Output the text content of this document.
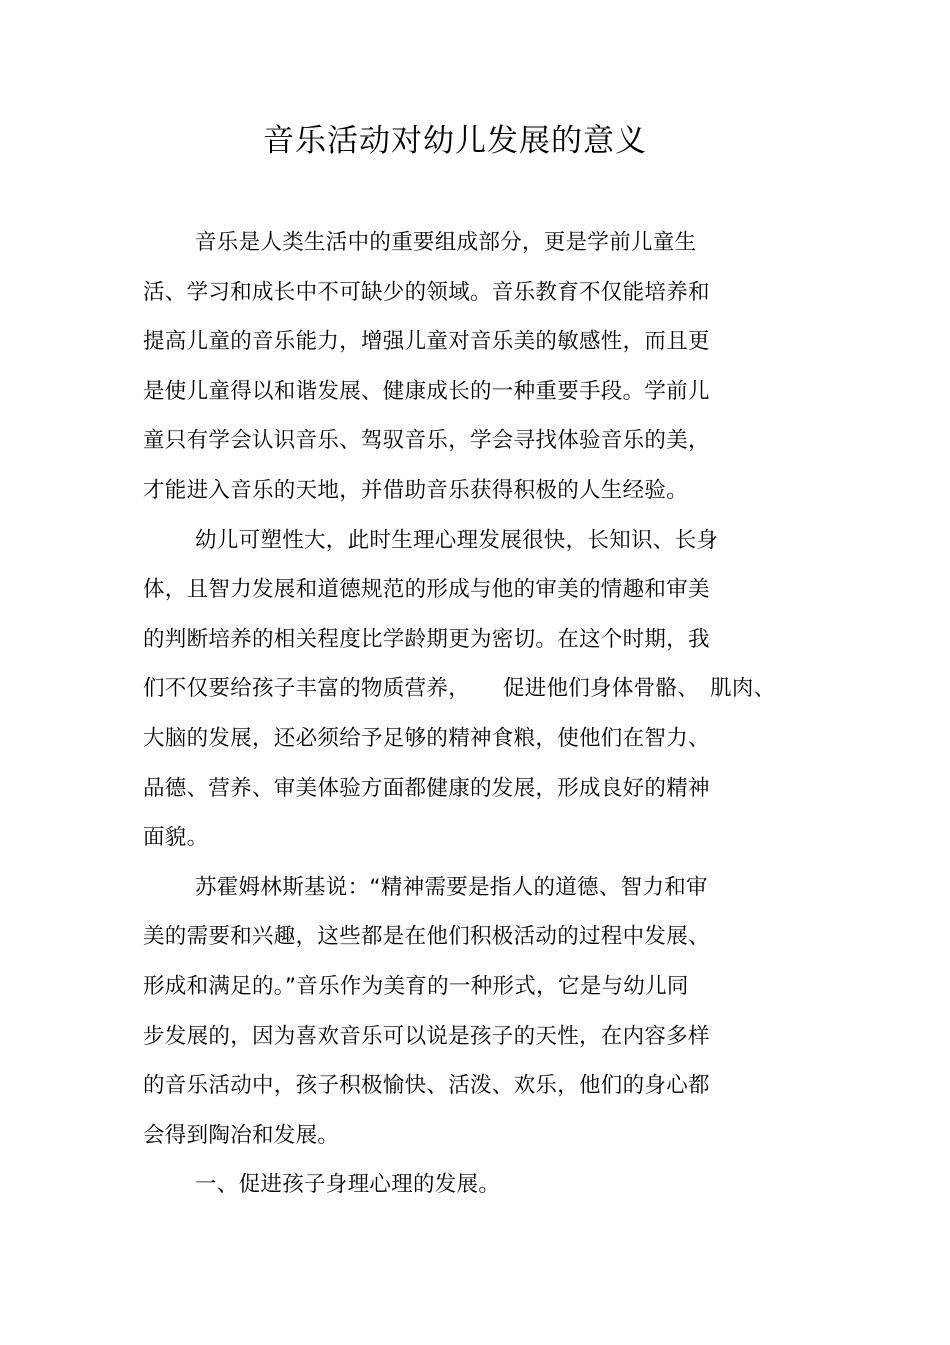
音乐活动对幼儿发展的意义
音乐是人类生活中的重要组成部分，更是学前儿童生
活、学习和成长中不可缺少的领域。音乐教育不仅能培养和
提高儿童的音乐能力，增强儿童对音乐美的敏感性，而且更
是使儿童得以和谐发展、健康成长的一种重要手段。学前儿
童只有学会认识音乐、驾驭音乐，学会寻找体验音乐的美，
才能进入音乐的天地，并借助音乐获得积极的人生经验。
幼儿可塑性大，此时生理心理发展很快，长知识、长身
体，且智力发展和道德规范的形成与他的审美的情趣和审美
的判断培养的相关程度比学龄期更为密切。在这个时期，我
们不仅要给孩子丰富的物质营养，　　促进他们身体骨骼、　肌肉、
大脑的发展，还必须给予足够的精神食粮，使他们在智力、
品德、营养、审美体验方面都健康的发展，形成良好的精神
面貌。
苏霍姆林斯基说：“精神需要是指人的道德、智力和审
美的需要和兴趣，这些都是在他们积极活动的过程中发展、
形成和满足的。”音乐作为美育的一种形式，它是与幼儿同
步发展的，因为喜欢音乐可以说是孩子的天性，在内容多样
的音乐活动中，孩子积极愉快、活泼、欢乐，他们的身心都
会得到陶冶和发展。
一、促进孩子身理心理的发展。
